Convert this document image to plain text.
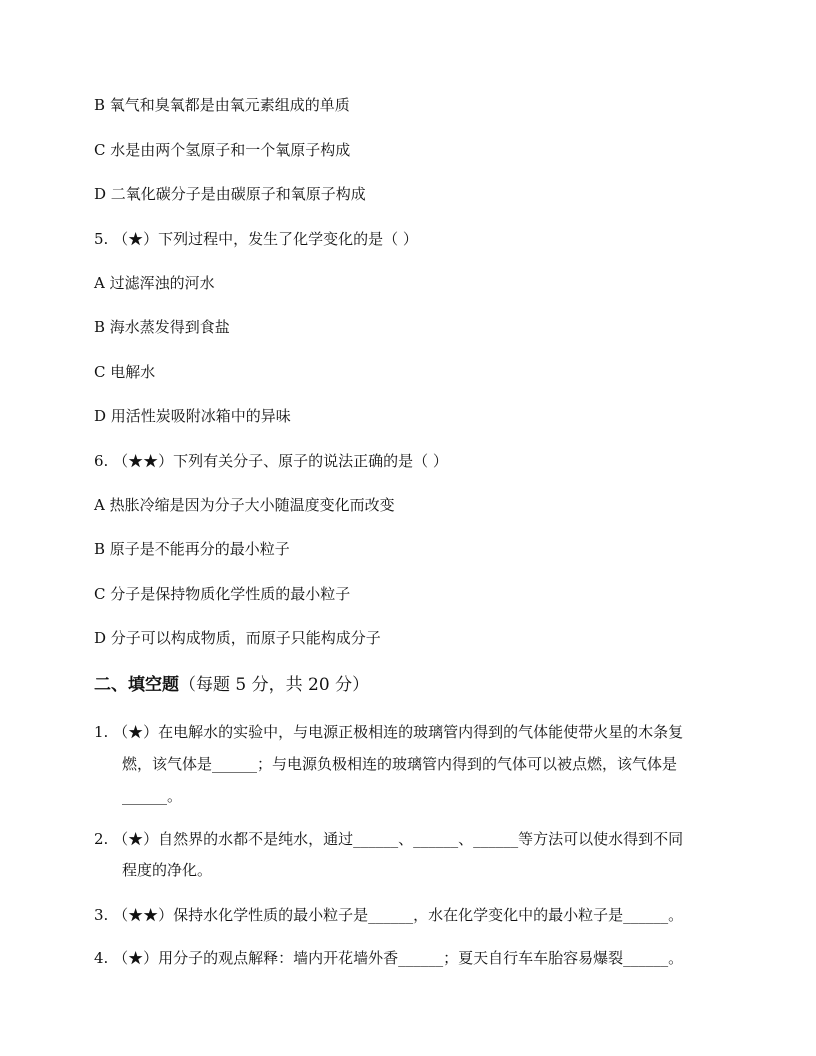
B 氧气和臭氧都是由氧元素组成的单质
C 水是由两个氢原子和一个氧原子构成
D 二氧化碳分子是由碳原子和氧原子构成
5. （★）下列过程中，发生了化学变化的是（ ）
A 过滤浑浊的河水
B 海水蒸发得到食盐
C 电解水
D 用活性炭吸附冰箱中的异味
6. （★★）下列有关分子、原子的说法正确的是（ ）
A 热胀冷缩是因为分子大小随温度变化而改变
B 原子是不能再分的最小粒子
C 分子是保持物质化学性质的最小粒子
D 分子可以构成物质，而原子只能构成分子
二、填空题（每题 5 分，共 20 分）
1. （★）在电解水的实验中，与电源正极相连的玻璃管内得到的气体能使带火星的木条复
燃，该气体是______；与电源负极相连的玻璃管内得到的气体可以被点燃，该气体是
______。
2. （★）自然界的水都不是纯水，通过______、______、______等方法可以使水得到不同
程度的净化。
3. （★★）保持水化学性质的最小粒子是______，水在化学变化中的最小粒子是______。
4. （★）用分子的观点解释：墙内开花墙外香______；夏天自行车车胎容易爆裂______。
